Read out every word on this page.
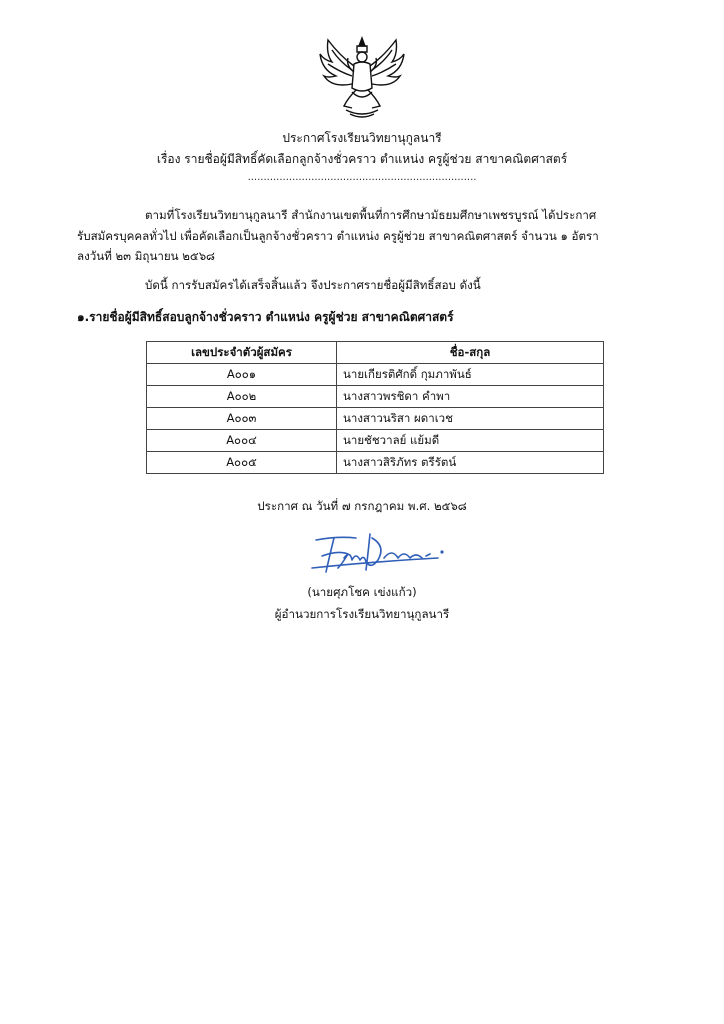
ประกาศโรงเรียนวิทยานุกูลนารี
เรื่อง รายชื่อผู้มีสิทธิ์คัดเลือกลูกจ้างชั่วคราว ตำแหน่ง ครูผู้ช่วย สาขาคณิตศาสตร์
........................................................................
ตามที่โรงเรียนวิทยานุกูลนารี สำนักงานเขตพื้นที่การศึกษามัธยมศึกษาเพชรบูรณ์ ได้ประกาศ
รับสมัครบุคคลทั่วไป เพื่อคัดเลือกเป็นลูกจ้างชั่วคราว ตำแหน่ง ครูผู้ช่วย สาขาคณิตศาสตร์ จำนวน ๑ อัตรา
ลงวันที่ ๒๓ มิถุนายน ๒๕๖๘
บัดนี้ การรับสมัครได้เสร็จสิ้นแล้ว จึงประกาศรายชื่อผู้มีสิทธิ์สอบ ดังนี้
๑.รายชื่อผู้มีสิทธิ์สอบลูกจ้างชั่วคราว ตำแหน่ง ครูผู้ช่วย สาขาคณิตศาสตร์
เลขประจำตัวผู้สมัคร	ชื่อ-สกุล
A๐๐๑	นายเกียรติศักดิ์ กุมภาพันธ์
A๐๐๒	นางสาวพรชิดา คำพา
A๐๐๓	นางสาวนริสา ผดาเวช
A๐๐๔	นายชัชวาลย์ แย้มดี
A๐๐๕	นางสาวสิริภัทร ตรีรัตน์
ประกาศ ณ วันที่ ๗ กรกฎาคม พ.ศ. ๒๕๖๘
(นายศุภโชค เข่งแก้ว)
ผู้อำนวยการโรงเรียนวิทยานุกูลนารี
